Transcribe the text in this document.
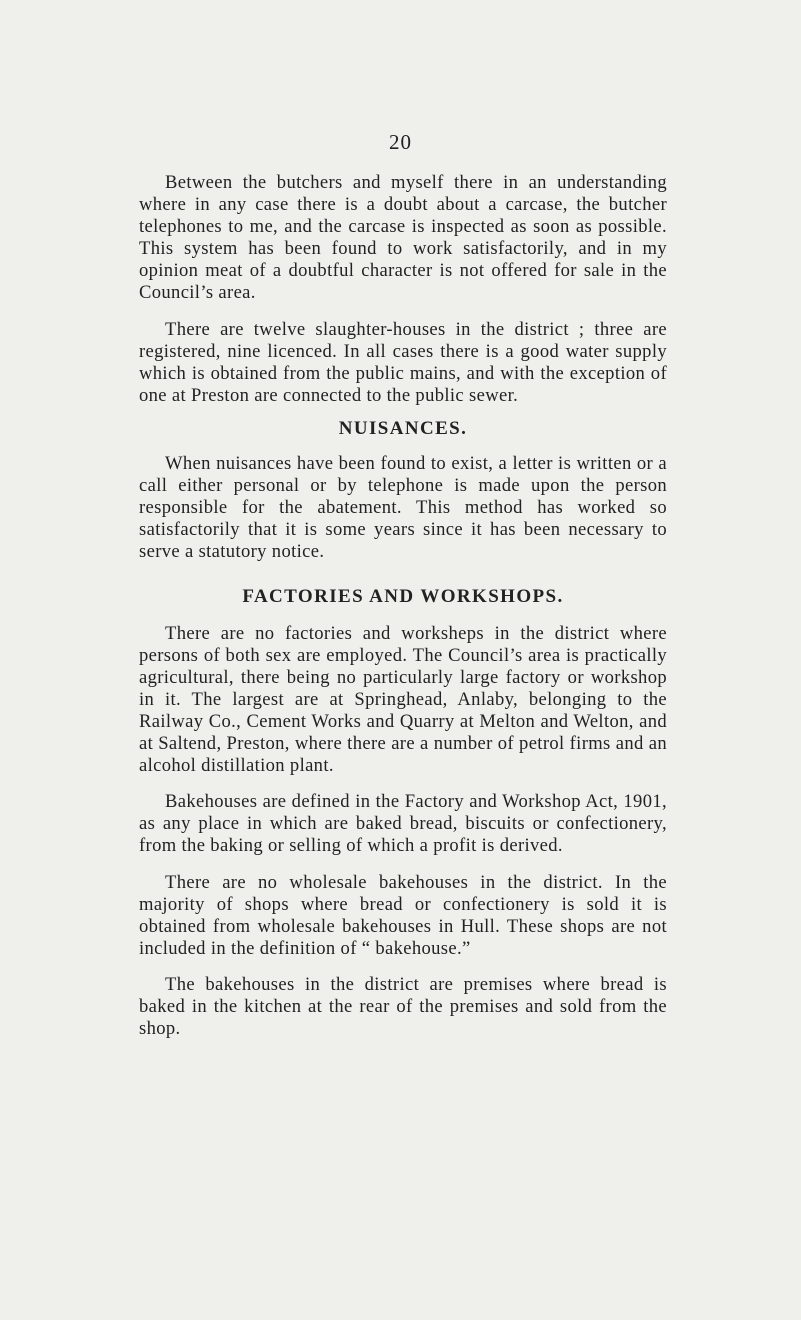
20

Between the butchers and myself there in an understanding where in any case there is a doubt about a carcase, the butcher telephones to me, and the carcase is inspected as soon as possible. This system has been found to work satisfactorily, and in my opinion meat of a doubtful character is not offered for sale in the Council’s area.

There are twelve slaughter-houses in the district ; three are registered, nine licenced. In all cases there is a good water supply which is obtained from the public mains, and with the exception of one at Preston are connected to the public sewer.

NUISANCES.

When nuisances have been found to exist, a letter is written or a call either personal or by telephone is made upon the person responsible for the abatement. This method has worked so satisfactorily that it is some years since it has been necessary to serve a statutory notice.

FACTORIES AND WORKSHOPS.

There are no factories and worksheps in the district where persons of both sex are employed. The Council’s area is practically agricultural, there being no particularly large factory or workshop in it. The largest are at Springhead, Anlaby, belonging to the Railway Co., Cement Works and Quarry at Melton and Welton, and at Saltend, Preston, where there are a number of petrol firms and an alcohol distillation plant.

Bakehouses are defined in the Factory and Workshop Act, 1901, as any place in which are baked bread, biscuits or confectionery, from the baking or selling of which a profit is derived.

There are no wholesale bakehouses in the district. In the majority of shops where bread or confectionery is sold it is obtained from wholesale bakehouses in Hull. These shops are not included in the definition of “ bakehouse.”

The bakehouses in the district are premises where bread is baked in the kitchen at the rear of the premises and sold from the shop.
